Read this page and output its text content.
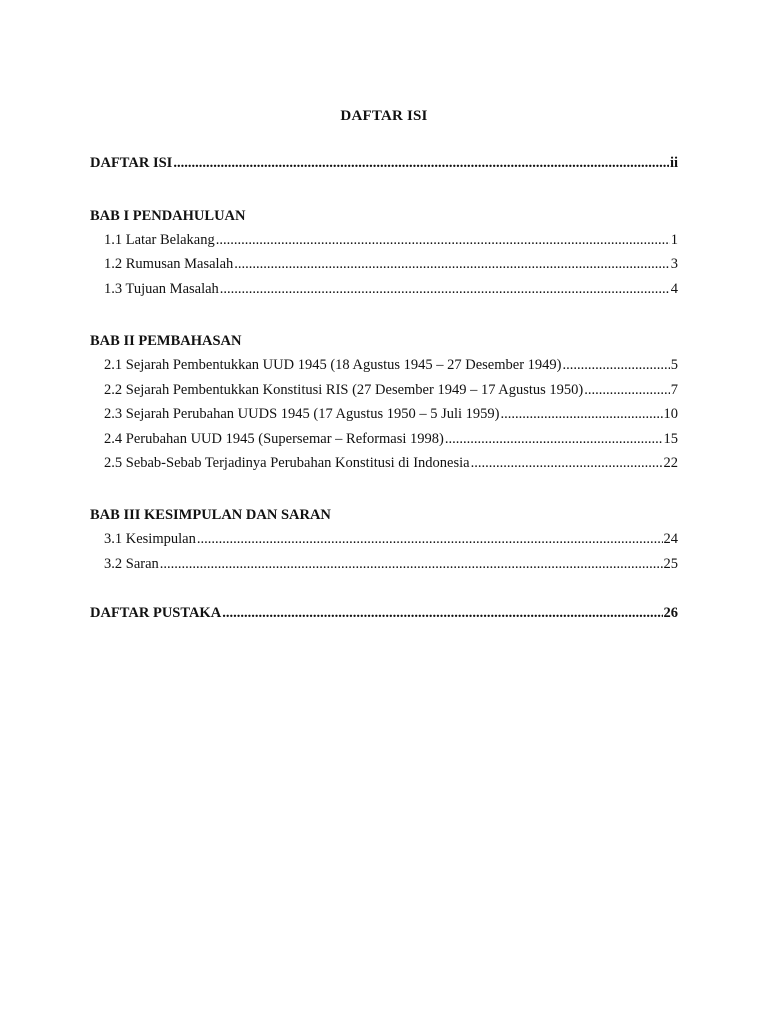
DAFTAR ISI
DAFTAR ISI .....	ii
BAB I PENDAHULUAN
1.1 Latar Belakang .....	1
1.2 Rumusan Masalah .....	3
1.3 Tujuan Masalah .....	4
BAB II PEMBAHASAN
2.1 Sejarah Pembentukkan UUD 1945 (18 Agustus 1945 – 27 Desember 1949) .....	5
2.2 Sejarah Pembentukkan Konstitusi RIS (27 Desember 1949 – 17 Agustus 1950) .....	7
2.3 Sejarah Perubahan UUDS 1945 (17 Agustus 1950 – 5 Juli 1959) .....	10
2.4 Perubahan UUD 1945 (Supersemar – Reformasi 1998) .....	15
2.5 Sebab-Sebab Terjadinya Perubahan Konstitusi di Indonesia .....	22
BAB III KESIMPULAN DAN SARAN
3.1 Kesimpulan .....	24
3.2 Saran .....	25
DAFTAR PUSTAKA .....	26
